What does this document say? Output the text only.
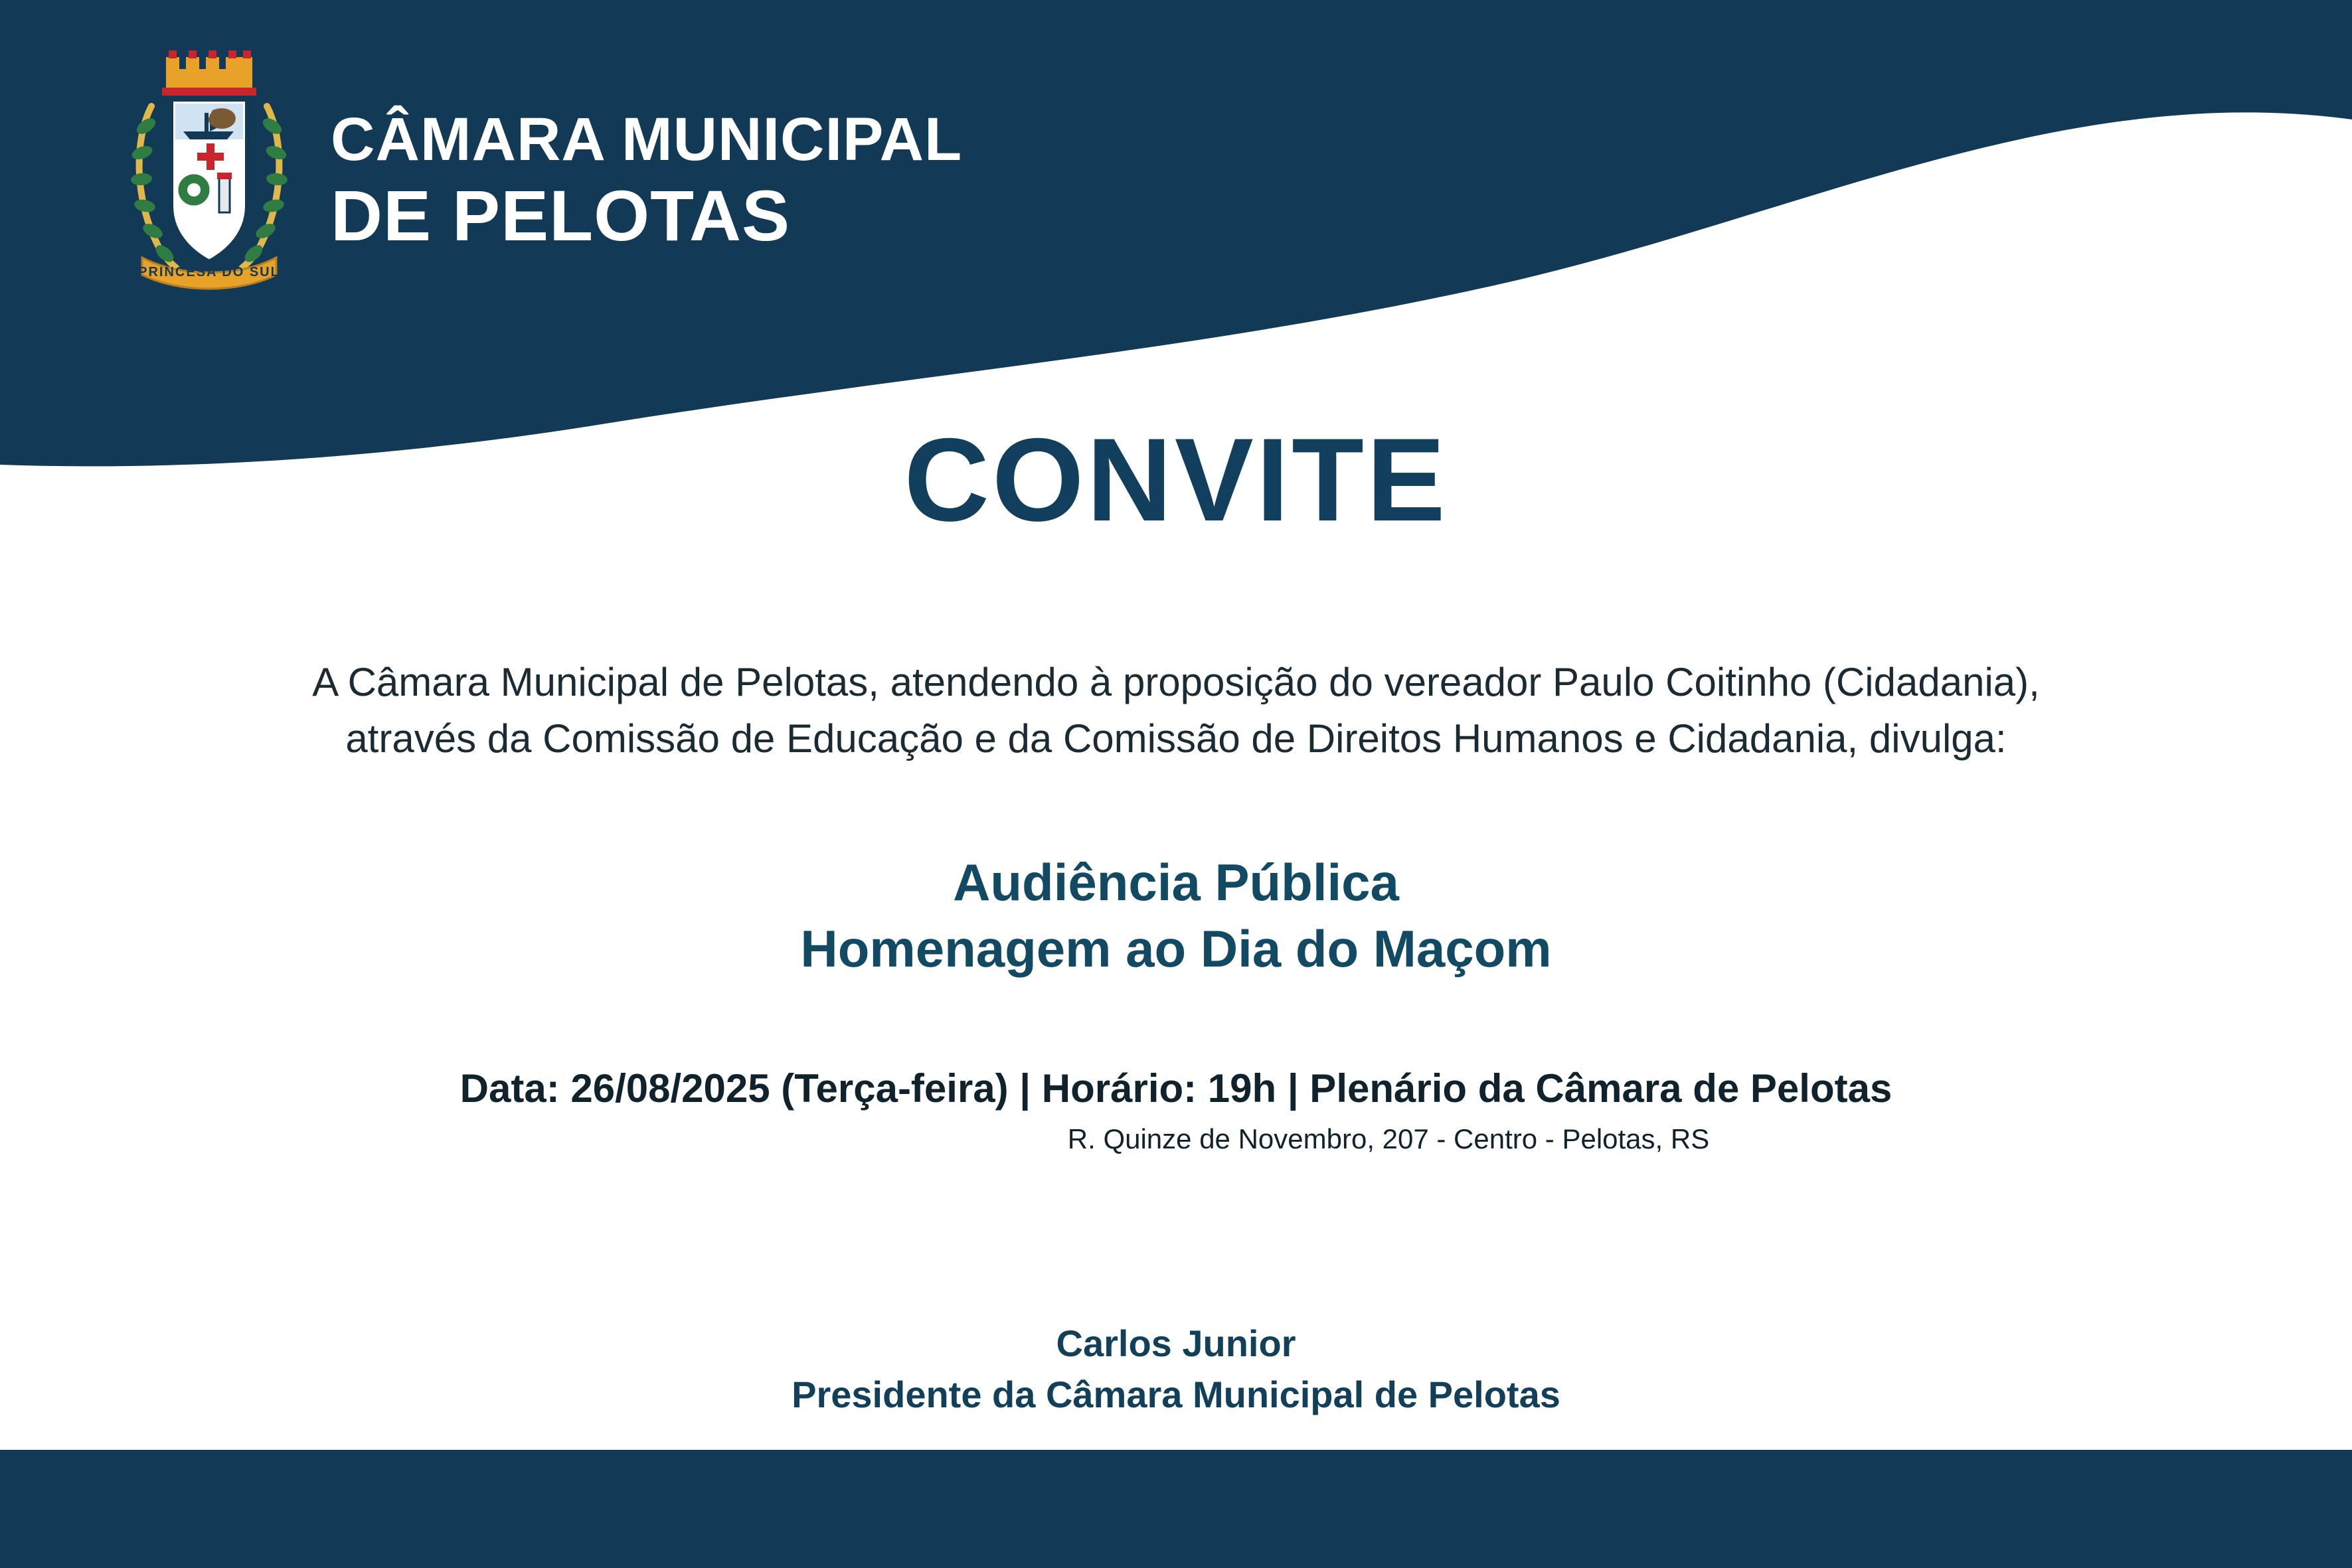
PRINCESA DO SUL
CÂMARA MUNICIPAL
DE PELOTAS
CONVITE
A Câmara Municipal de Pelotas, atendendo à proposição do vereador Paulo Coitinho (Cidadania),
através da Comissão de Educação e da Comissão de Direitos Humanos e Cidadania, divulga:
Audiência Pública
Homenagem ao Dia do Maçom
Data: 26/08/2025 (Terça-feira) | Horário: 19h | Plenário da Câmara de Pelotas
R. Quinze de Novembro, 207 - Centro - Pelotas, RS
Carlos Junior
Presidente da Câmara Municipal de Pelotas
